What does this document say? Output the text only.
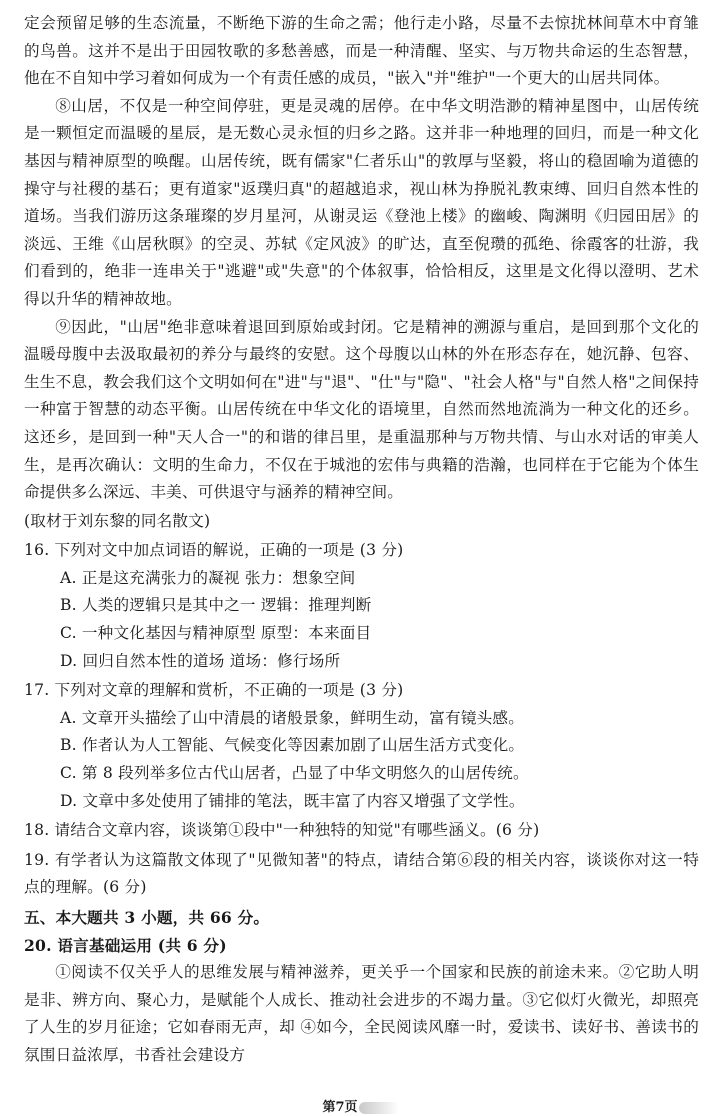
定会预留足够的生态流量，不断绝下游的生命之需；他行走小路，尽量不去惊扰林间草木中育雏的鸟兽。这并不是出于田园牧歌的多愁善感，而是一种清醒、坚实、与万物共命运的生态智慧，他在不自知中学习着如何成为一个有责任感的成员，"嵌入"并"维护"一个更大的山居共同体。

⑧山居，不仅是一种空间停驻，更是灵魂的居停。在中华文明浩渺的精神星图中，山居传统是一颗恒定而温暖的星辰，是无数心灵永恒的归乡之路。这并非一种地理的回归，而是一种文化基因与精神原型的唤醒。山居传统，既有儒家"仁者乐山"的敦厚与坚毅，将山的稳固喻为道德的操守与社稷的基石；更有道家"返璞归真"的超越追求，视山林为挣脱礼教束缚、回归自然本性的道场。当我们游历这条璀璨的岁月星河，从谢灵运《登池上楼》的幽峻、陶渊明《归园田居》的淡远、王维《山居秋暝》的空灵、苏轼《定风波》的旷达，直至倪瓒的孤绝、徐霞客的壮游，我们看到的，绝非一连串关于"逃避"或"失意"的个体叙事，恰恰相反，这里是文化得以澄明、艺术得以升华的精神故地。

⑨因此，"山居"绝非意味着退回到原始或封闭。它是精神的溯源与重启，是回到那个文化的温暖母腹中去汲取最初的养分与最终的安慰。这个母腹以山林的外在形态存在，她沉静、包容、生生不息，教会我们这个文明如何在"进"与"退"、"仕"与"隐"、"社会人格"与"自然人格"之间保持一种富于智慧的动态平衡。山居传统在中华文化的语境里，自然而然地流淌为一种文化的还乡。这还乡，是回到一种"天人合一"的和谐的律吕里，是重温那种与万物共情、与山水对话的审美人生，是再次确认：文明的生命力，不仅在于城池的宏伟与典籍的浩瀚，也同样在于它能为个体生命提供多么深远、丰美、可供退守与涵养的精神空间。

(取材于刘东黎的同名散文)

16. 下列对文中加点词语的解说，正确的一项是 (3 分)

A. 正是这充满张力的凝视 张力：想象空间

B. 人类的逻辑只是其中之一 逻辑：推理判断

C. 一种文化基因与精神原型 原型：本来面目

D. 回归自然本性的道场 道场：修行场所

17. 下列对文章的理解和赏析，不正确的一项是 (3 分)

A. 文章开头描绘了山中清晨的诸般景象，鲜明生动，富有镜头感。

B. 作者认为人工智能、气候变化等因素加剧了山居生活方式变化。

C. 第 8 段列举多位古代山居者，凸显了中华文明悠久的山居传统。

D. 文章中多处使用了铺排的笔法，既丰富了内容又增强了文学性。

18. 请结合文章内容，谈谈第①段中"一种独特的知觉"有哪些涵义。(6 分)

19. 有学者认为这篇散文体现了"见微知著"的特点，请结合第⑥段的相关内容，谈谈你对这一特点的理解。(6 分)

五、本大题共 3 小题，共 66 分。

20. 语言基础运用 (共 6 分)

①阅读不仅关乎人的思维发展与精神滋养，更关乎一个国家和民族的前途未来。②它助人明是非、辨方向、聚心力，是赋能个人成长、推动社会进步的不竭力量。③它似灯火微光，却照亮了人生的岁月征途；它如春雨无声，却 ④如今，全民阅读风靡一时，爱读书、读好书、善读书的氛围日益浓厚，书香社会建设方

第7页
